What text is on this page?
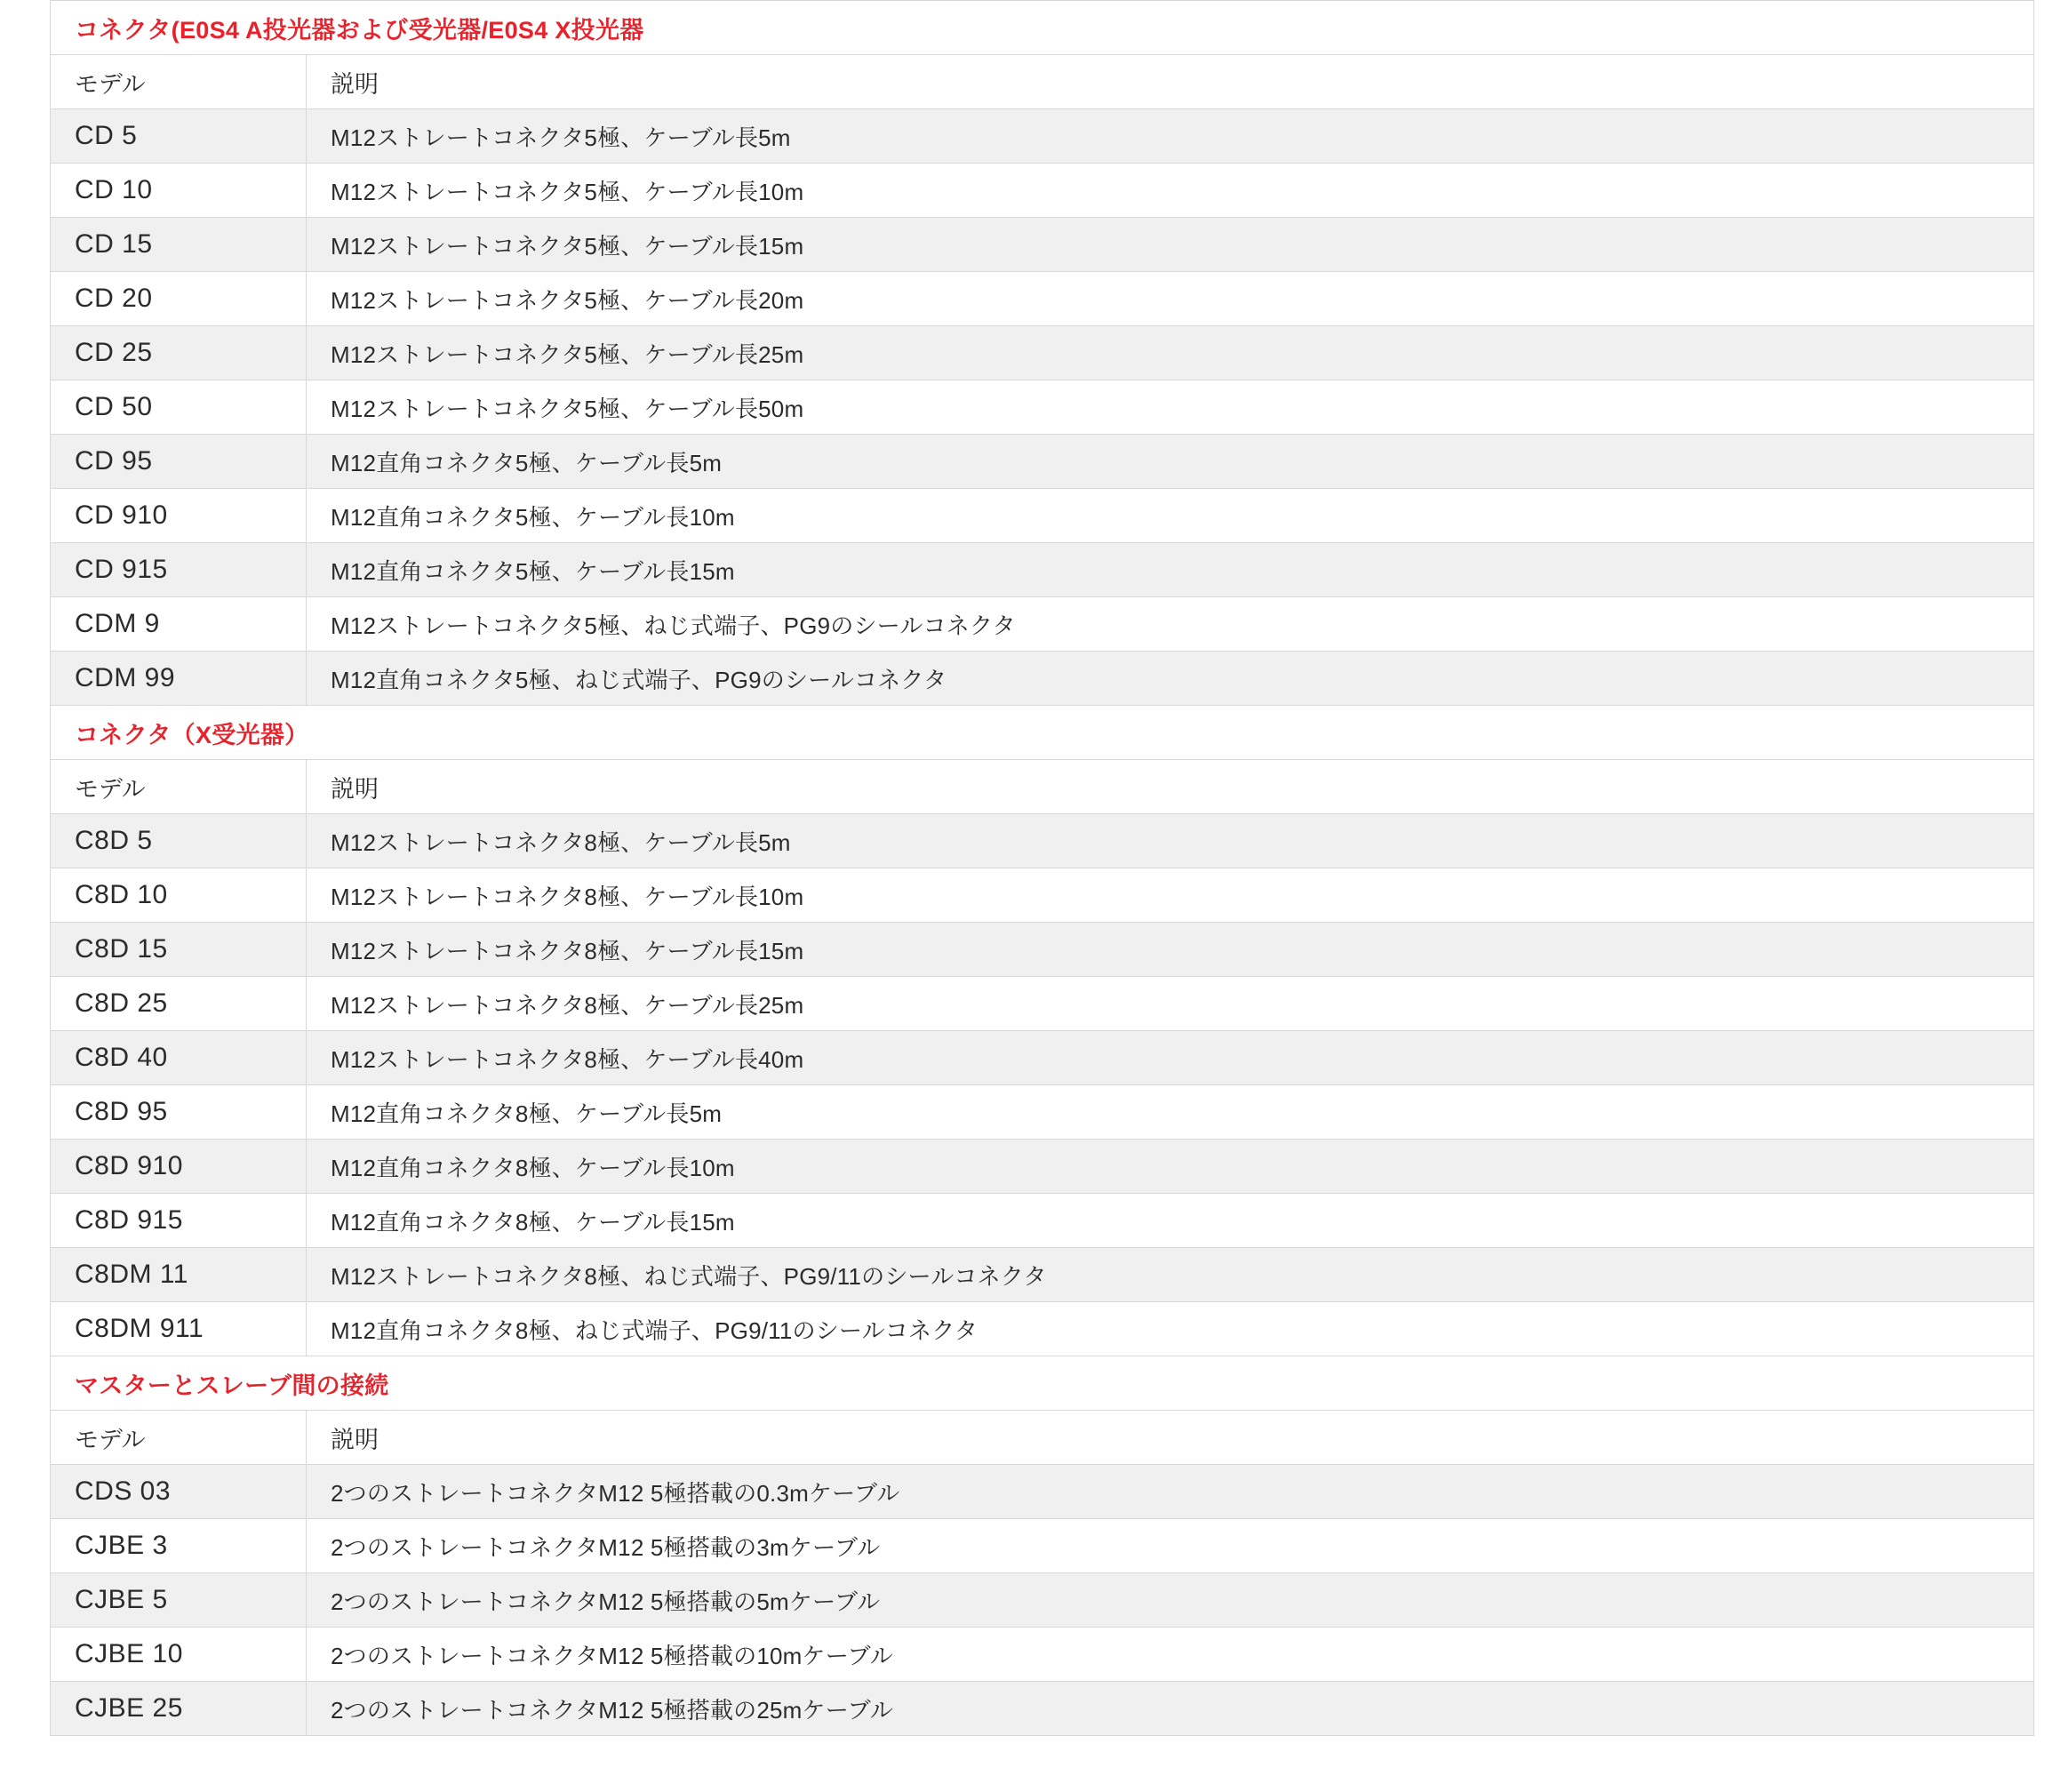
コネクタ(E0S4 A投光器および受光器/E0S4 X投光器	
モデル	説明
CD 5	M12ストレートコネクタ5極、ケーブル長5m
CD 10	M12ストレートコネクタ5極、ケーブル長10m
CD 15	M12ストレートコネクタ5極、ケーブル長15m
CD 20	M12ストレートコネクタ5極、ケーブル長20m
CD 25	M12ストレートコネクタ5極、ケーブル長25m
CD 50	M12ストレートコネクタ5極、ケーブル長50m
CD 95	M12直角コネクタ5極、ケーブル長5m
CD 910	M12直角コネクタ5極、ケーブル長10m
CD 915	M12直角コネクタ5極、ケーブル長15m
CDM 9	M12ストレートコネクタ5極、ねじ式端子、PG9のシールコネクタ
CDM 99	M12直角コネクタ5極、ねじ式端子、PG9のシールコネクタ
コネクタ（X受光器）	
モデル	説明
C8D 5	M12ストレートコネクタ8極、ケーブル長5m
C8D 10	M12ストレートコネクタ8極、ケーブル長10m
C8D 15	M12ストレートコネクタ8極、ケーブル長15m
C8D 25	M12ストレートコネクタ8極、ケーブル長25m
C8D 40	M12ストレートコネクタ8極、ケーブル長40m
C8D 95	M12直角コネクタ8極、ケーブル長5m
C8D 910	M12直角コネクタ8極、ケーブル長10m
C8D 915	M12直角コネクタ8極、ケーブル長15m
C8DM 11	M12ストレートコネクタ8極、ねじ式端子、PG9/11のシールコネクタ
C8DM 911	M12直角コネクタ8極、ねじ式端子、PG9/11のシールコネクタ
マスターとスレーブ間の接続	
モデル	説明
CDS 03	2つのストレートコネクタM12 5極搭載の0.3mケーブル
CJBE 3	2つのストレートコネクタM12 5極搭載の3mケーブル
CJBE 5	2つのストレートコネクタM12 5極搭載の5mケーブル
CJBE 10	2つのストレートコネクタM12 5極搭載の10mケーブル
CJBE 25	2つのストレートコネクタM12 5極搭載の25mケーブル
